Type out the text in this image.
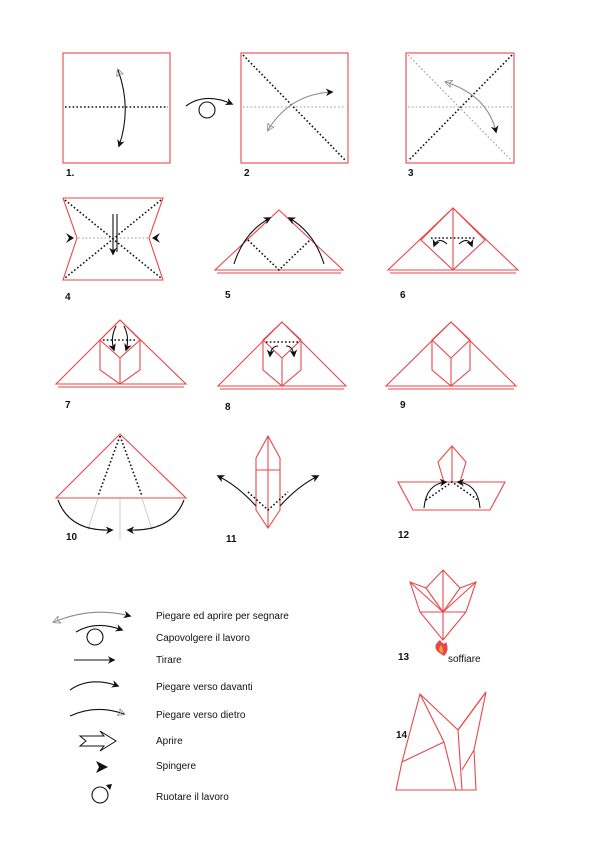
1.	2	3
4	5	6
7	8	9
10	11	12
13
14
soffiare
Piegare ed aprire per segnare
Capovolgere il lavoro
Tirare
Piegare verso davanti
Piegare verso dietro
Aprire
Spingere
Ruotare il lavoro
